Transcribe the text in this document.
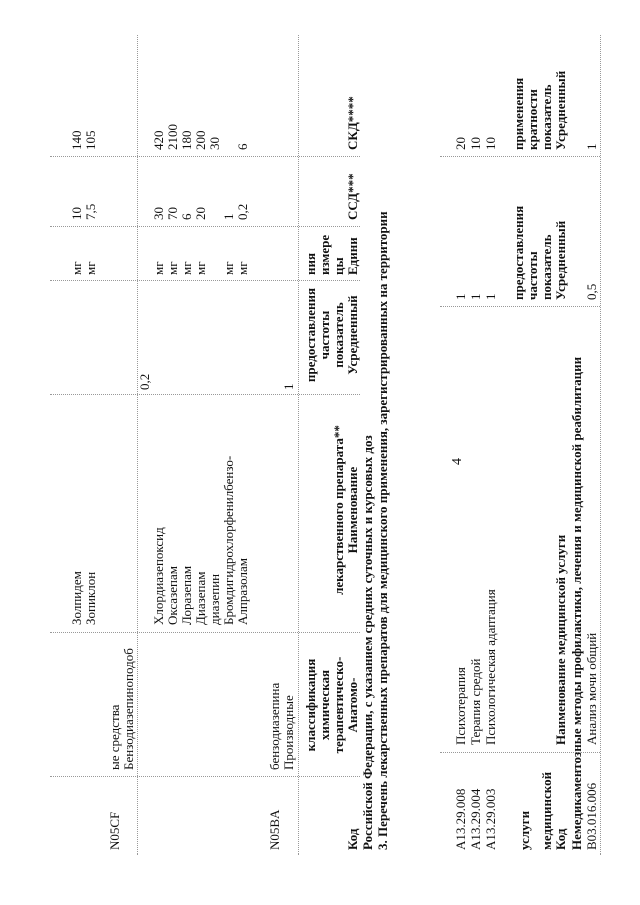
4
B03.016.006
Анализ мочи общий
0,5
1
Немедикаментозные методы профилактики, лечения и медицинской реабилитации
Код
медицинской
услуги
Наименование медицинской услуги
Усредненный
показатель
частоты
предоставления
Усредненный
показатель
кратности
применения
A13.29.003
Психологическая адаптация
1
10
A13.29.004
Терапия средой
1
10
A13.29.008
Психотерапия
1
20
3. Перечень лекарственных препаратов для медицинского применения, зарегистрированных на территории
Российской Федерации, с указанием средних суточных и курсовых доз
Код
Анатомо-
терапевтическо-
химическая
классификация
Наименование
лекарственного препарата**
Усредненный
показатель
частоты
предоставления
Едини
цы
измере
ния
ССД***
СКД****
N05BA
Производные
бензодиазепина
1
Алпразолам
мг
0,2
6
Бромдигидрохлорфенилбензо-
диазепин
мг
1
30
Диазепам
мг
20
200
Лоразепам
мг
6
180
Оксазепам
мг
70
2100
Хлордиазепоксид
мг
30
420
N05CF
Бензодиазепиноподоб
ые средства
0,2
Зопиклон
мг
7,5
105
Золпидем
мг
10
140
